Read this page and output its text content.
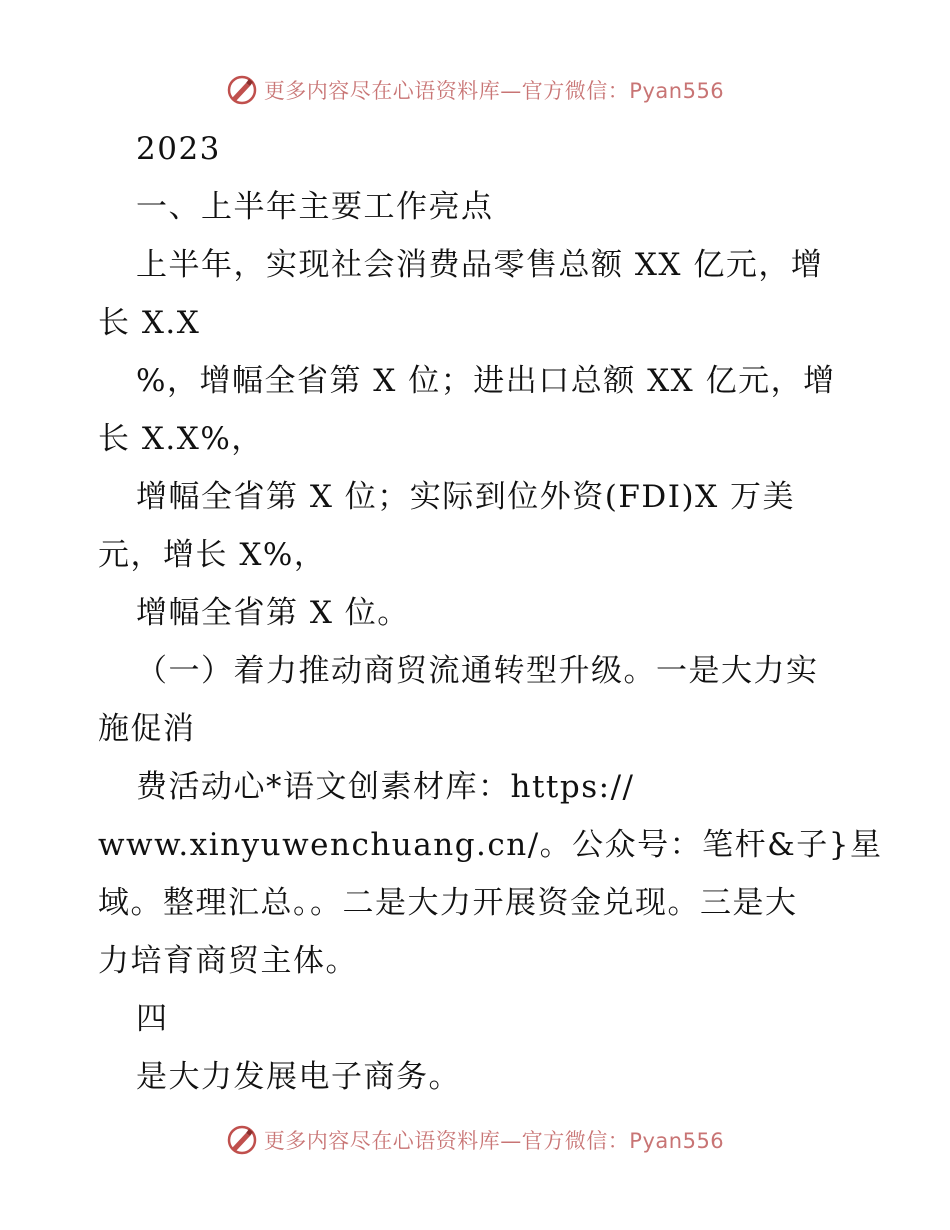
更多内容尽在心语资料库—官方微信：Pyan556
2023
一、上半年主要工作亮点
上半年，实现社会消费品零售总额 XX 亿元，增
长 X.X
%，增幅全省第 X 位；进出口总额 XX 亿元，增
长 X.X%，
增幅全省第 X 位；实际到位外资(FDI)X 万美
元，增长 X%，
增幅全省第 X 位。
（一）着力推动商贸流通转型升级。一是大力实
施促消
费活动心*语文创素材库：https://
www.xinyuwenchuang.cn/。公众号：笔杆&子}星
域。整理汇总。。二是大力开展资金兑现。三是大
力培育商贸主体。
四
是大力发展电子商务。
更多内容尽在心语资料库—官方微信：Pyan556
